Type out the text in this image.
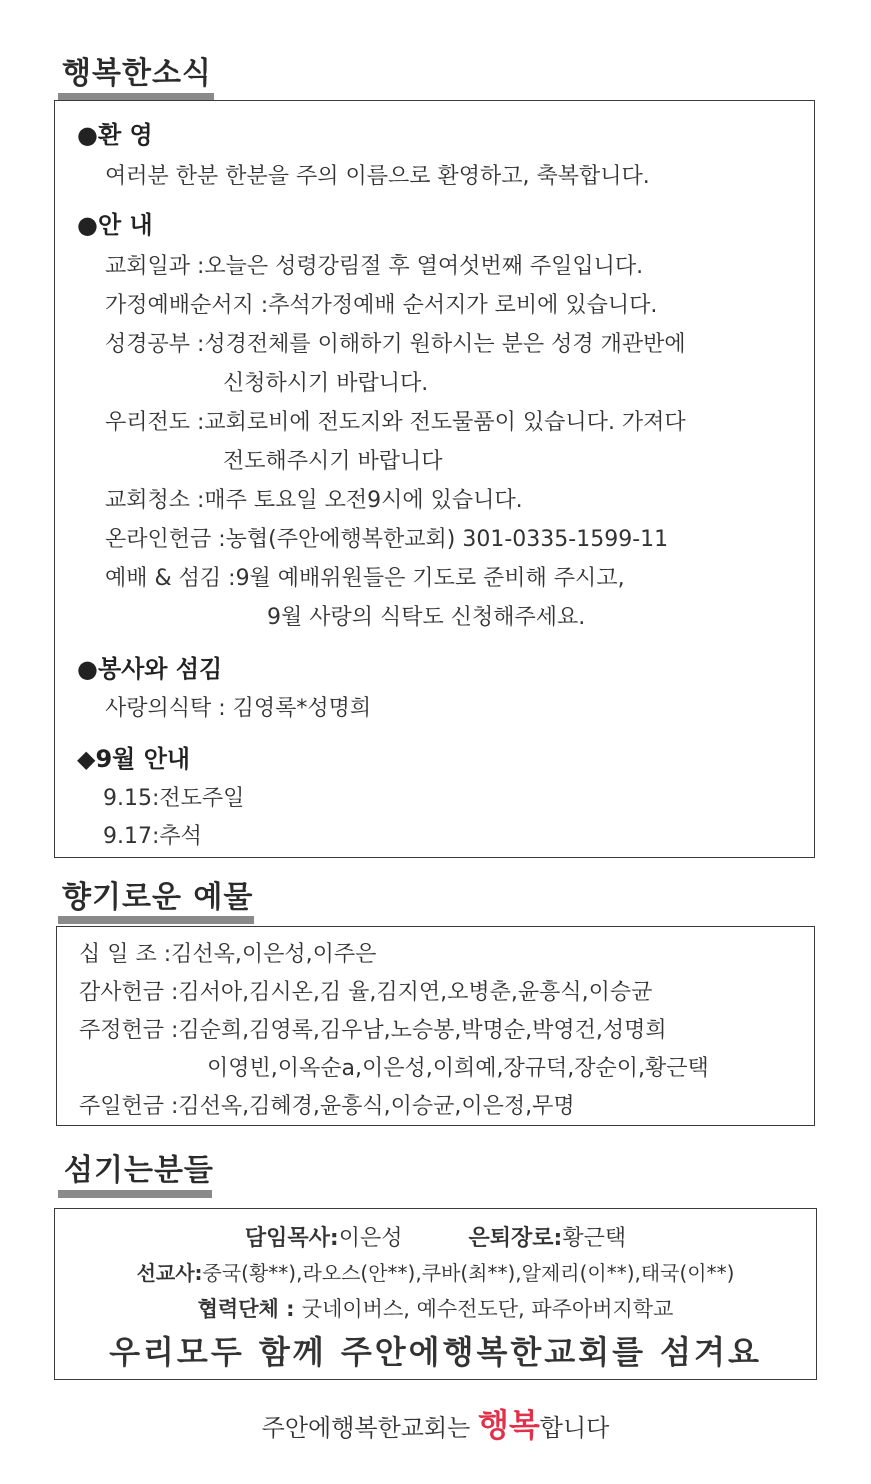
행복한소식
●환 영
여러분 한분 한분을 주의 이름으로 환영하고, 축복합니다.
●안 내
교회일과 :오늘은 성령강림절 후 열여섯번째 주일입니다.
가정예배순서지 :추석가정예배 순서지가 로비에 있습니다.
성경공부 :성경전체를 이해하기 원하시는 분은 성경 개관반에
신청하시기 바랍니다.
우리전도 :교회로비에 전도지와 전도물품이 있습니다. 가져다
전도해주시기 바랍니다
교회청소 :매주 토요일 오전9시에 있습니다.
온라인헌금 :농협(주안에행복한교회) 301-0335-1599-11
예배 & 섬김 :9월 예배위원들은 기도로 준비해 주시고,
9월 사랑의 식탁도 신청해주세요.
●봉사와 섬김
사랑의식탁 : 김영록*성명희
◆9월 안내
9.15:전도주일
9.17:추석
향기로운 예물
십 일 조 :김선옥,이은성,이주은
감사헌금 :김서아,김시온,김 율,김지연,오병춘,윤흥식,이승균
주정헌금 :김순희,김영록,김우남,노승봉,박명순,박영건,성명희
이영빈,이옥순a,이은성,이희예,장규덕,장순이,황근택
주일헌금 :김선옥,김혜경,윤흥식,이승균,이은정,무명
섬기는분들
담임목사:이은성	은퇴장로:황근택
선교사:중국(황**),라오스(안**),쿠바(최**),알제리(이**),태국(이**)
협력단체 : 굿네이버스, 예수전도단, 파주아버지학교
우리모두 함께 주안에행복한교회를 섬겨요
주안에행복한교회는 행복합니다
